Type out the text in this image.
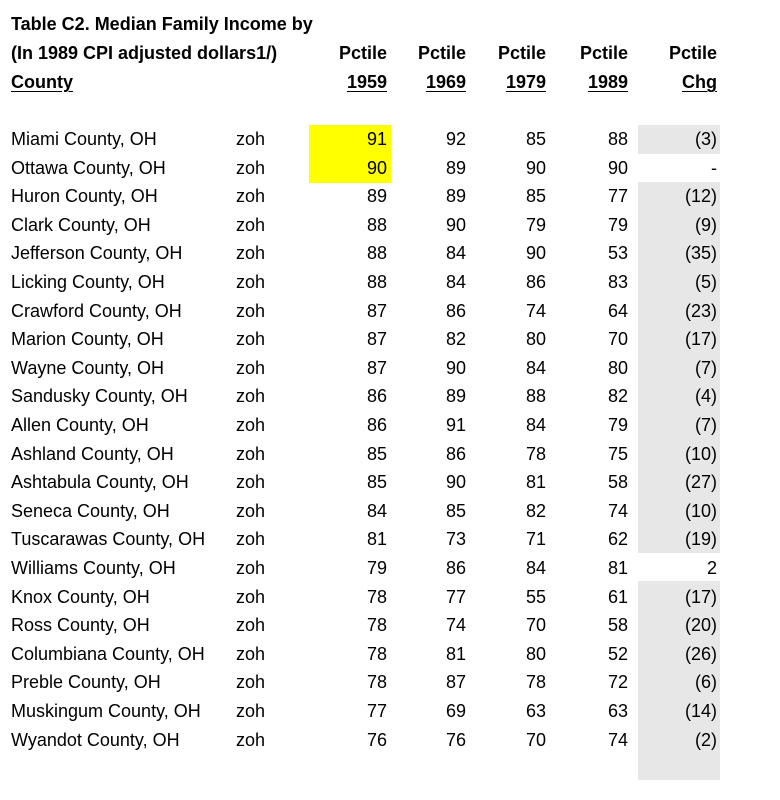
Table C2. Median Family Income by
(In 1989 CPI adjusted dollars1/)	Pctile	Pctile	Pctile	Pctile	Pctile
County	1959	1969	1979	1989	Chg
Miami County, OH	zoh	91	92	85	88	(3)
Ottawa County, OH	zoh	90	89	90	90	-
Huron County, OH	zoh	89	89	85	77	(12)
Clark County, OH	zoh	88	90	79	79	(9)
Jefferson County, OH	zoh	88	84	90	53	(35)
Licking County, OH	zoh	88	84	86	83	(5)
Crawford County, OH	zoh	87	86	74	64	(23)
Marion County, OH	zoh	87	82	80	70	(17)
Wayne County, OH	zoh	87	90	84	80	(7)
Sandusky County, OH	zoh	86	89	88	82	(4)
Allen County, OH	zoh	86	91	84	79	(7)
Ashland County, OH	zoh	85	86	78	75	(10)
Ashtabula County, OH	zoh	85	90	81	58	(27)
Seneca County, OH	zoh	84	85	82	74	(10)
Tuscarawas County, OH zoh	81	73	71	62	(19)
Williams County, OH	zoh	79	86	84	81	2
Knox County, OH	zoh	78	77	55	61	(17)
Ross County, OH	zoh	78	74	70	58	(20)
Columbiana County, OH zoh	78	81	80	52	(26)
Preble County, OH	zoh	78	87	78	72	(6)
Muskingum County, OH zoh	77	69	63	63	(14)
Wyandot County, OH	zoh	76	76	70	74	(2)
